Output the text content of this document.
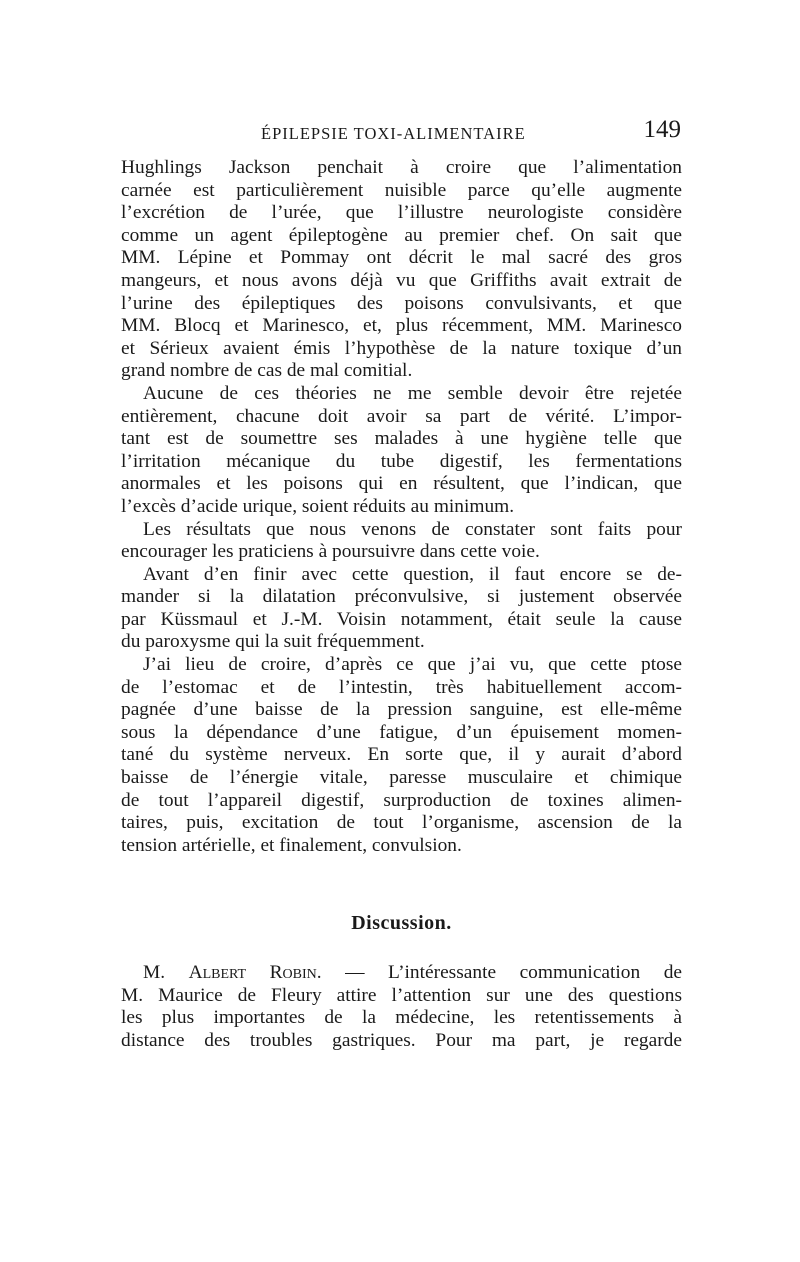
ÉPILEPSIE TOXI-ALIMENTAIRE	149
Hughlings Jackson penchait à croire que l’alimentation
carnée est particulièrement nuisible parce qu’elle augmente
l’excrétion de l’urée, que l’illustre neurologiste considère
comme un agent épileptogène au premier chef. On sait que
MM. Lépine et Pommay ont décrit le mal sacré des gros
mangeurs, et nous avons déjà vu que Griffiths avait extrait de
l’urine des épileptiques des poisons convulsivants, et que
MM. Blocq et Marinesco, et, plus récemment, MM. Marinesco
et Sérieux avaient émis l’hypothèse de la nature toxique d’un
grand nombre de cas de mal comitial.
Aucune de ces théories ne me semble devoir être rejetée
entièrement, chacune doit avoir sa part de vérité. L’impor-
tant est de soumettre ses malades à une hygiène telle que
l’irritation mécanique du tube digestif, les fermentations
anormales et les poisons qui en résultent, que l’indican, que
l’excès d’acide urique, soient réduits au minimum.
Les résultats que nous venons de constater sont faits pour
encourager les praticiens à poursuivre dans cette voie.
Avant d’en finir avec cette question, il faut encore se de-
mander si la dilatation préconvulsive, si justement observée
par Küssmaul et J.-M. Voisin notamment, était seule la cause
du paroxysme qui la suit fréquemment.
J’ai lieu de croire, d’après ce que j’ai vu, que cette ptose
de l’estomac et de l’intestin, très habituellement accom-
pagnée d’une baisse de la pression sanguine, est elle-même
sous la dépendance d’une fatigue, d’un épuisement momen-
tané du système nerveux. En sorte que, il y aurait d’abord
baisse de l’énergie vitale, paresse musculaire et chimique
de tout l’appareil digestif, surproduction de toxines alimen-
taires, puis, excitation de tout l’organisme, ascension de la
tension artérielle, et finalement, convulsion.
Discussion.
M. Albert Robin. — L’intéressante communication de
M. Maurice de Fleury attire l’attention sur une des questions
les plus importantes de la médecine, les retentissements à
distance des troubles gastriques. Pour ma part, je regarde
